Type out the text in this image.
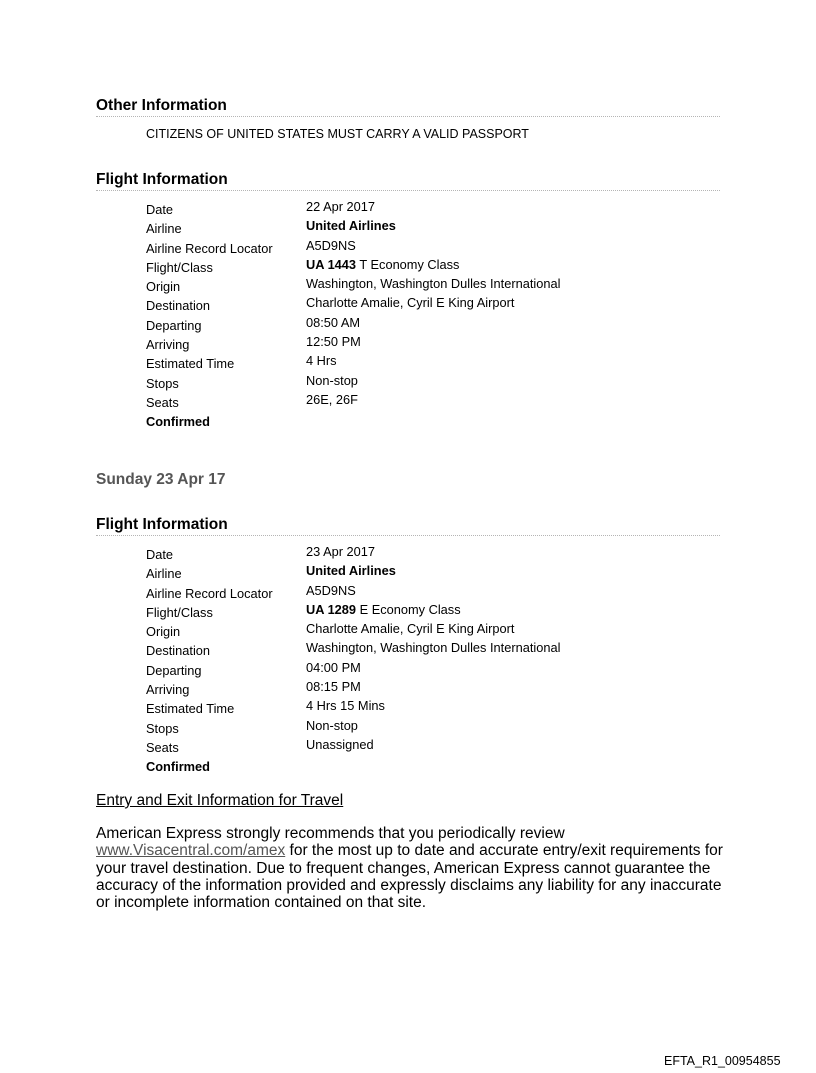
Other Information
CITIZENS OF UNITED STATES MUST CARRY A VALID PASSPORT
Flight Information
Date	22 Apr 2017
Airline	United Airlines
Airline Record Locator	A5D9NS
Flight/Class	UA 1443 T Economy Class
Origin	Washington, Washington Dulles International
Destination	Charlotte Amalie, Cyril E King Airport
Departing	08:50 AM
Arriving	12:50 PM
Estimated Time	4 Hrs
Stops	Non-stop
Seats	26E, 26F
Confirmed
Sunday 23 Apr 17
Flight Information
Date	23 Apr 2017
Airline	United Airlines
Airline Record Locator	A5D9NS
Flight/Class	UA 1289 E Economy Class
Origin	Charlotte Amalie, Cyril E King Airport
Destination	Washington, Washington Dulles International
Departing	04:00 PM
Arriving	08:15 PM
Estimated Time	4 Hrs 15 Mins
Stops	Non-stop
Seats	Unassigned
Confirmed
Entry and Exit Information for Travel
American Express strongly recommends that you periodically review www.Visacentral.com/amex for the most up to date and accurate entry/exit requirements for your travel destination. Due to frequent changes, American Express cannot guarantee the accuracy of the information provided and expressly disclaims any liability for any inaccurate or incomplete information contained on that site.
EFTA_R1_00954855
